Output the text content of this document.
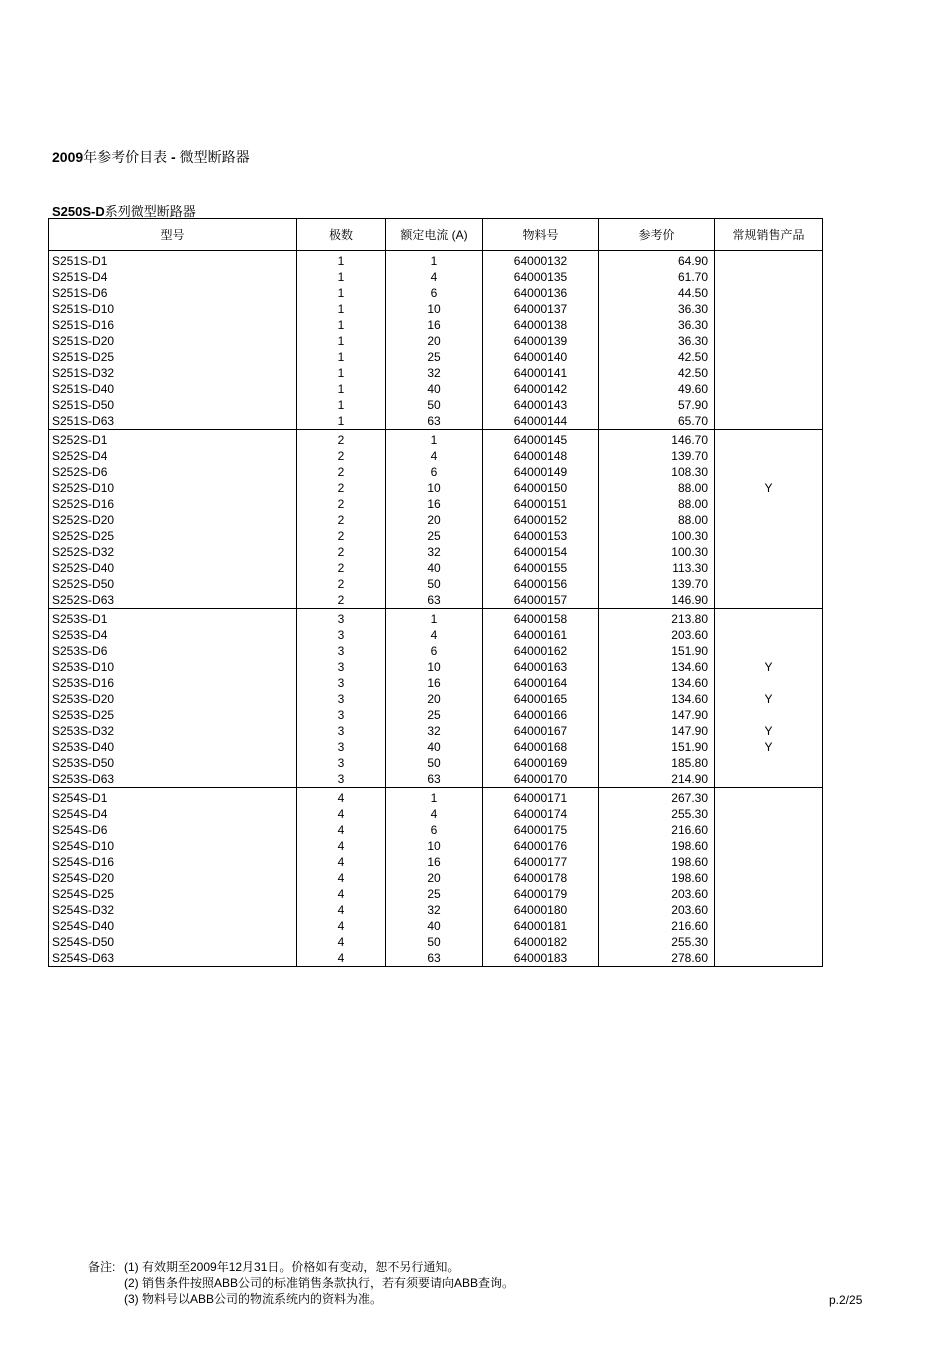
2009年参考价目表 - 微型断路器
S250S-D系列微型断路器
型号	极数	额定电流 (A)	物料号	参考价	常规销售产品
S251S-D1	1	1	64000132	64.90	
S251S-D4	1	4	64000135	61.70	
S251S-D6	1	6	64000136	44.50	
S251S-D10	1	10	64000137	36.30	
S251S-D16	1	16	64000138	36.30	
S251S-D20	1	20	64000139	36.30	
S251S-D25	1	25	64000140	42.50	
S251S-D32	1	32	64000141	42.50	
S251S-D40	1	40	64000142	49.60	
S251S-D50	1	50	64000143	57.90	
S251S-D63	1	63	64000144	65.70	
S252S-D1	2	1	64000145	146.70	
S252S-D4	2	4	64000148	139.70	
S252S-D6	2	6	64000149	108.30	
S252S-D10	2	10	64000150	88.00	Y
S252S-D16	2	16	64000151	88.00	
S252S-D20	2	20	64000152	88.00	
S252S-D25	2	25	64000153	100.30	
S252S-D32	2	32	64000154	100.30	
S252S-D40	2	40	64000155	113.30	
S252S-D50	2	50	64000156	139.70	
S252S-D63	2	63	64000157	146.90	
S253S-D1	3	1	64000158	213.80	
S253S-D4	3	4	64000161	203.60	
S253S-D6	3	6	64000162	151.90	
S253S-D10	3	10	64000163	134.60	Y
S253S-D16	3	16	64000164	134.60	
S253S-D20	3	20	64000165	134.60	Y
S253S-D25	3	25	64000166	147.90	
S253S-D32	3	32	64000167	147.90	Y
S253S-D40	3	40	64000168	151.90	Y
S253S-D50	3	50	64000169	185.80	
S253S-D63	3	63	64000170	214.90	
S254S-D1	4	1	64000171	267.30	
S254S-D4	4	4	64000174	255.30	
S254S-D6	4	6	64000175	216.60	
S254S-D10	4	10	64000176	198.60	
S254S-D16	4	16	64000177	198.60	
S254S-D20	4	20	64000178	198.60	
S254S-D25	4	25	64000179	203.60	
S254S-D32	4	32	64000180	203.60	
S254S-D40	4	40	64000181	216.60	
S254S-D50	4	50	64000182	255.30	
S254S-D63	4	63	64000183	278.60	
备注: (1) 有效期至2009年12月31日。价格如有变动，恕不另行通知。
(2) 销售条件按照ABB公司的标准销售条款执行，若有须要请向ABB查询。
(3) 物料号以ABB公司的物流系统内的资料为准。	p.2/25
